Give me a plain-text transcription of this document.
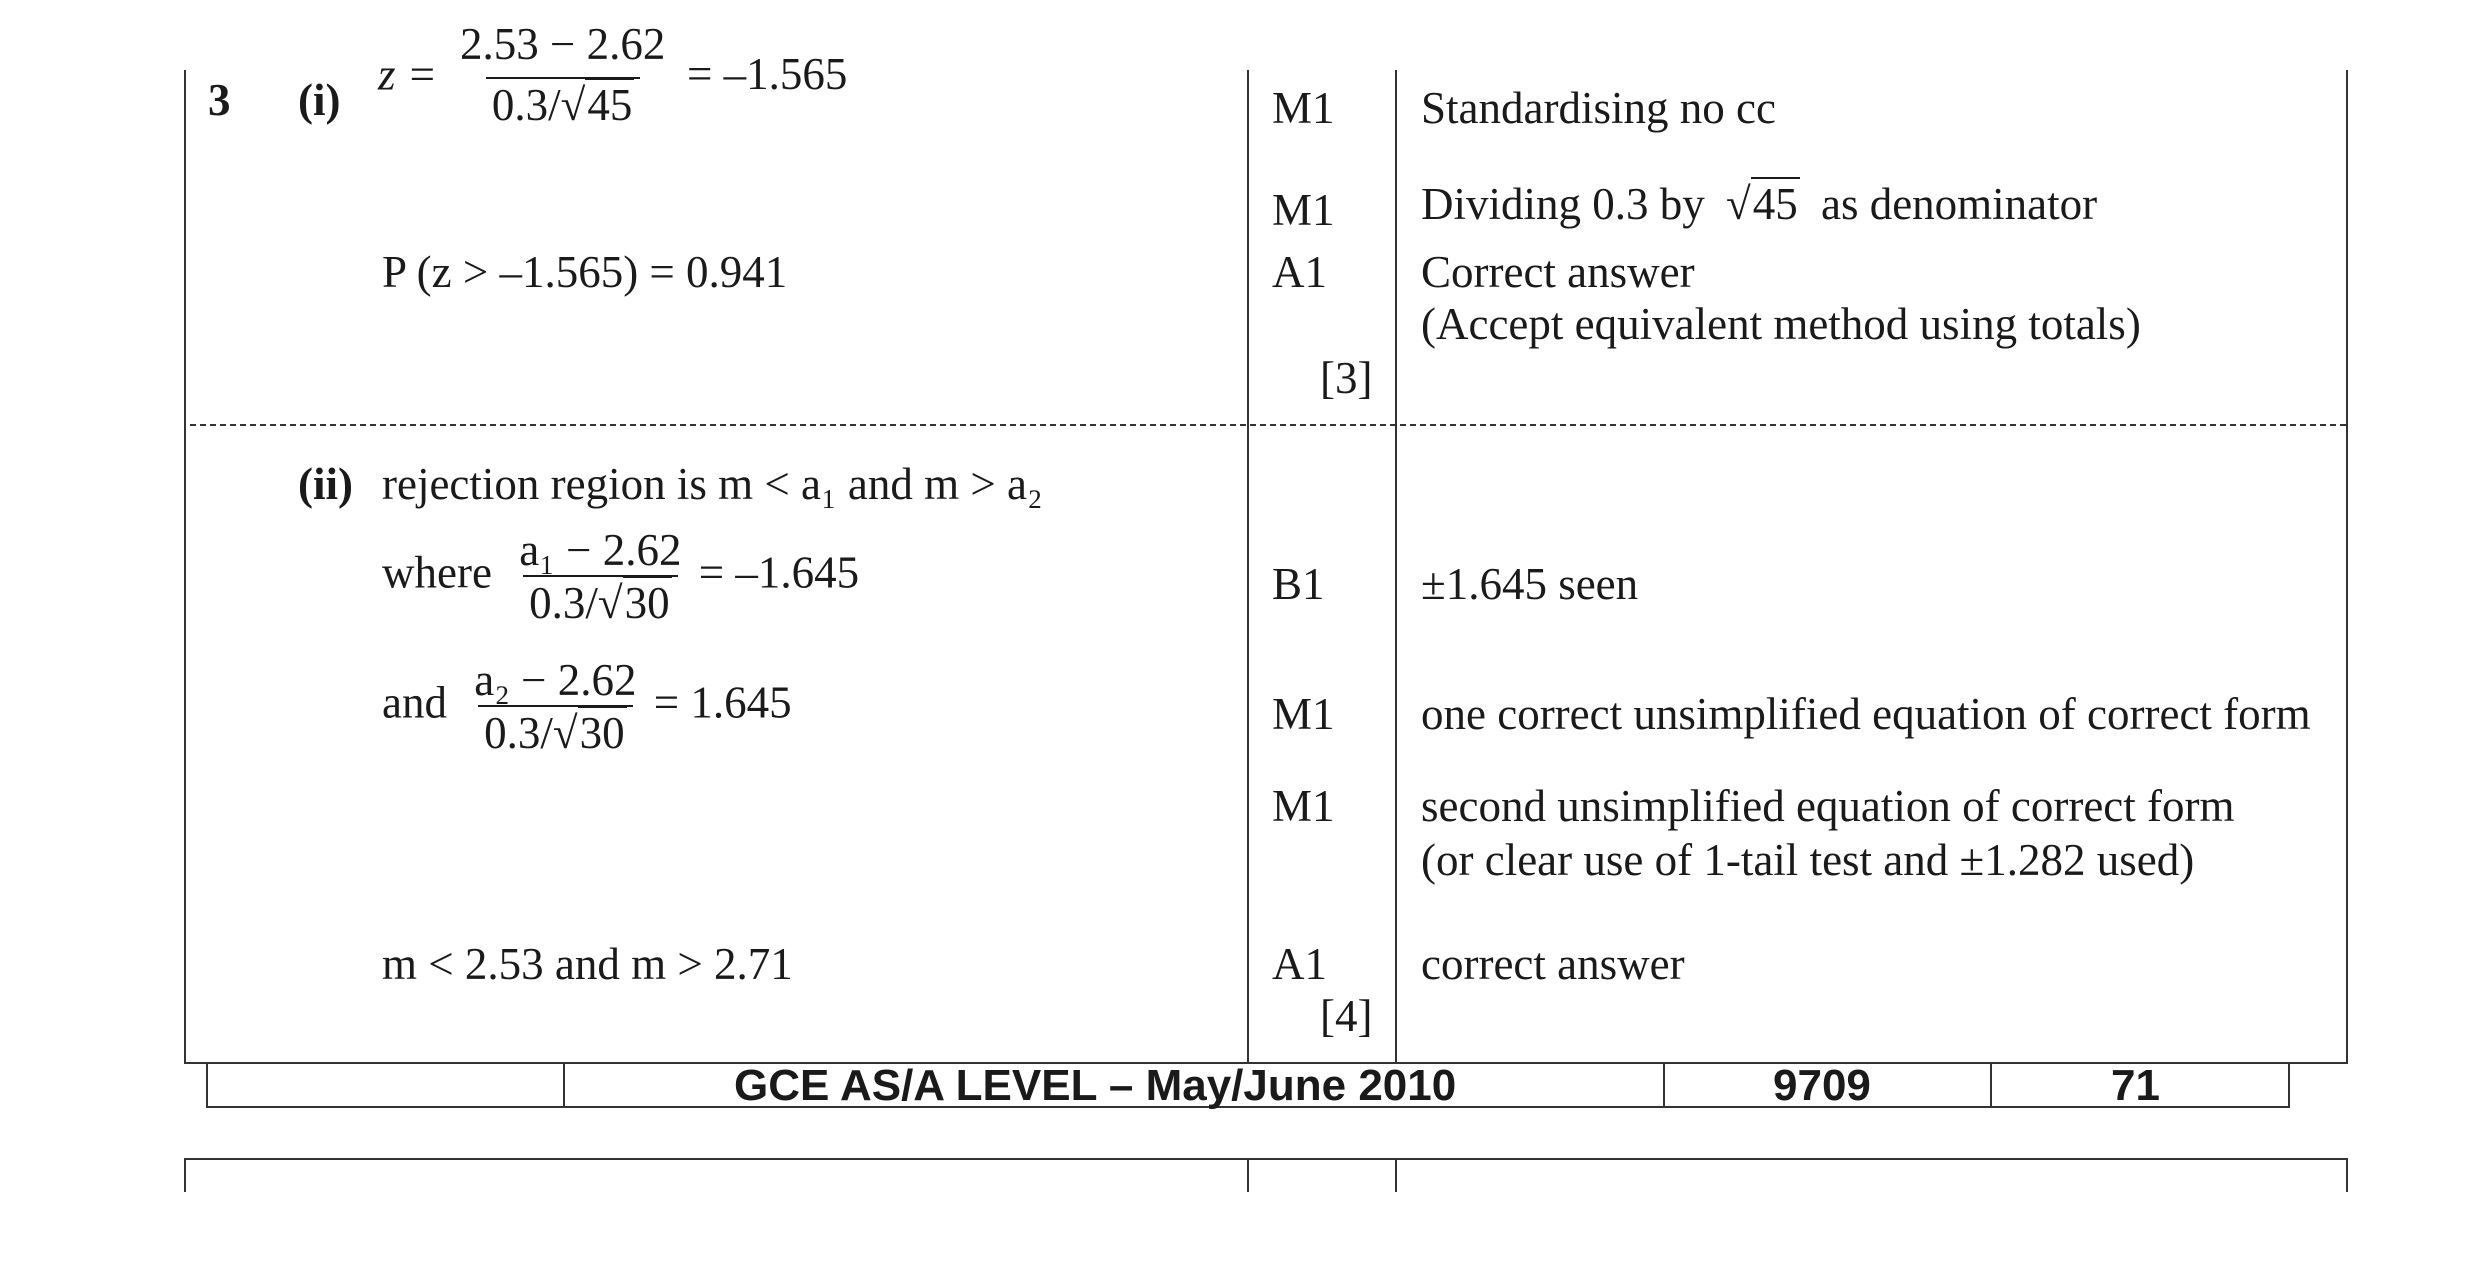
3 (i)
z =
0.3/√45
= –1.565
2.53 − 2.62
P (z > –1.565) = 0.941
M1 Standardising no cc
M1 Dividing 0.3 by √45 as denominator
A1 Correct answer
(Accept equivalent method using totals)
[3]
(ii) rejection region is m < a₁ and m > a₂
where $\frac{\text{a₁ − 2.62}}{0.3/√30} = -1.645$
and $\frac{\text{a₂ − 2.62}}{0.3/√30} = 1.645$
m < 2.53 and m > 2.71
B1 ±1.645 seen
M1 one correct unsimplified equation of correct form
M1 second unsimplified equation of correct form
(or clear use of 1-tail test and ±1.282 used)
A1 correct answer
[4]
GCE AS/A LEVEL – May/June 2010	9709	71
